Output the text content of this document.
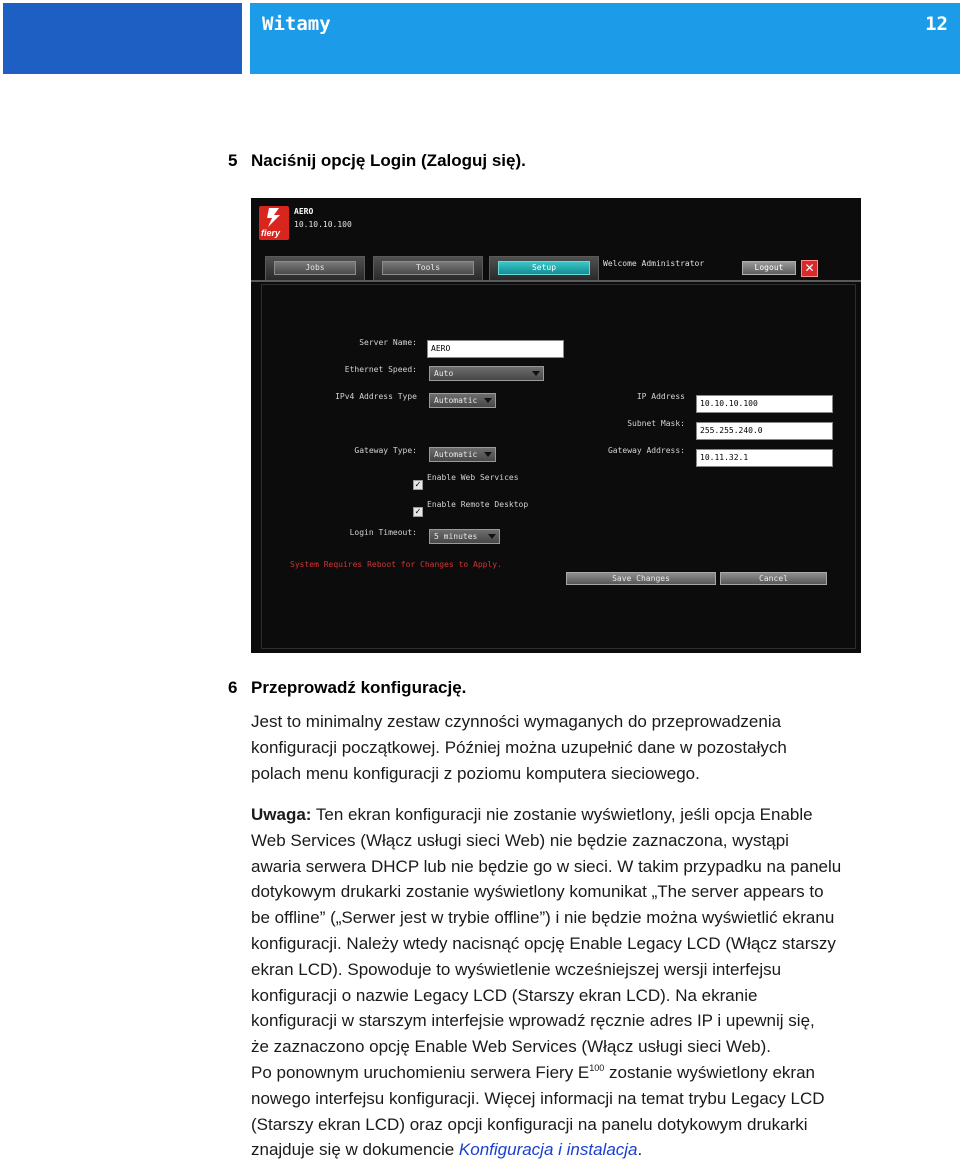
Witamy	12
5 Naciśnij opcję Login (Zaloguj się).
fiery
AERO
10.10.10.100
Jobs	Tools	Setup	Welcome Administrator	Logout	✕
Server Name:
AERO
Ethernet Speed:	Auto
IPv4 Address Type	Automatic	IP Address
10.10.10.100
Subnet Mask:
255.255.240.0
Gateway Type:	Automatic	Gateway Address:
10.11.32.1
✓
Enable Web Services
✓
Enable Remote Desktop
Login Timeout:	5 minutes
System Requires Reboot for Changes to Apply.
Save Changes	Cancel
6 Przeprowadź konfigurację.
Jest to minimalny zestaw czynności wymaganych do przeprowadzenia
konfiguracji początkowej. Później można uzupełnić dane w pozostałych
polach menu konfiguracji z poziomu komputera sieciowego.
Uwaga: Ten ekran konfiguracji nie zostanie wyświetlony, jeśli opcja Enable
Web Services (Włącz usługi sieci Web) nie będzie zaznaczona, wystąpi
awaria serwera DHCP lub nie będzie go w sieci. W takim przypadku na panelu
dotykowym drukarki zostanie wyświetlony komunikat „The server appears to
be offline” („Serwer jest w trybie offline”) i nie będzie można wyświetlić ekranu
konfiguracji. Należy wtedy nacisnąć opcję Enable Legacy LCD (Włącz starszy
ekran LCD). Spowoduje to wyświetlenie wcześniejszej wersji interfejsu
konfiguracji o nazwie Legacy LCD (Starszy ekran LCD). Na ekranie
konfiguracji w starszym interfejsie wprowadź ręcznie adres IP i upewnij się,
że zaznaczono opcję Enable Web Services (Włącz usługi sieci Web).
Po ponownym uruchomieniu serwera Fiery $E^{100}$ zostanie wyświetlony ekran
nowego interfejsu konfiguracji. Więcej informacji na temat trybu Legacy LCD
(Starszy ekran LCD) oraz opcji konfiguracji na panelu dotykowym drukarki
znajduje się w dokumencie Konfiguracja i instalacja.
